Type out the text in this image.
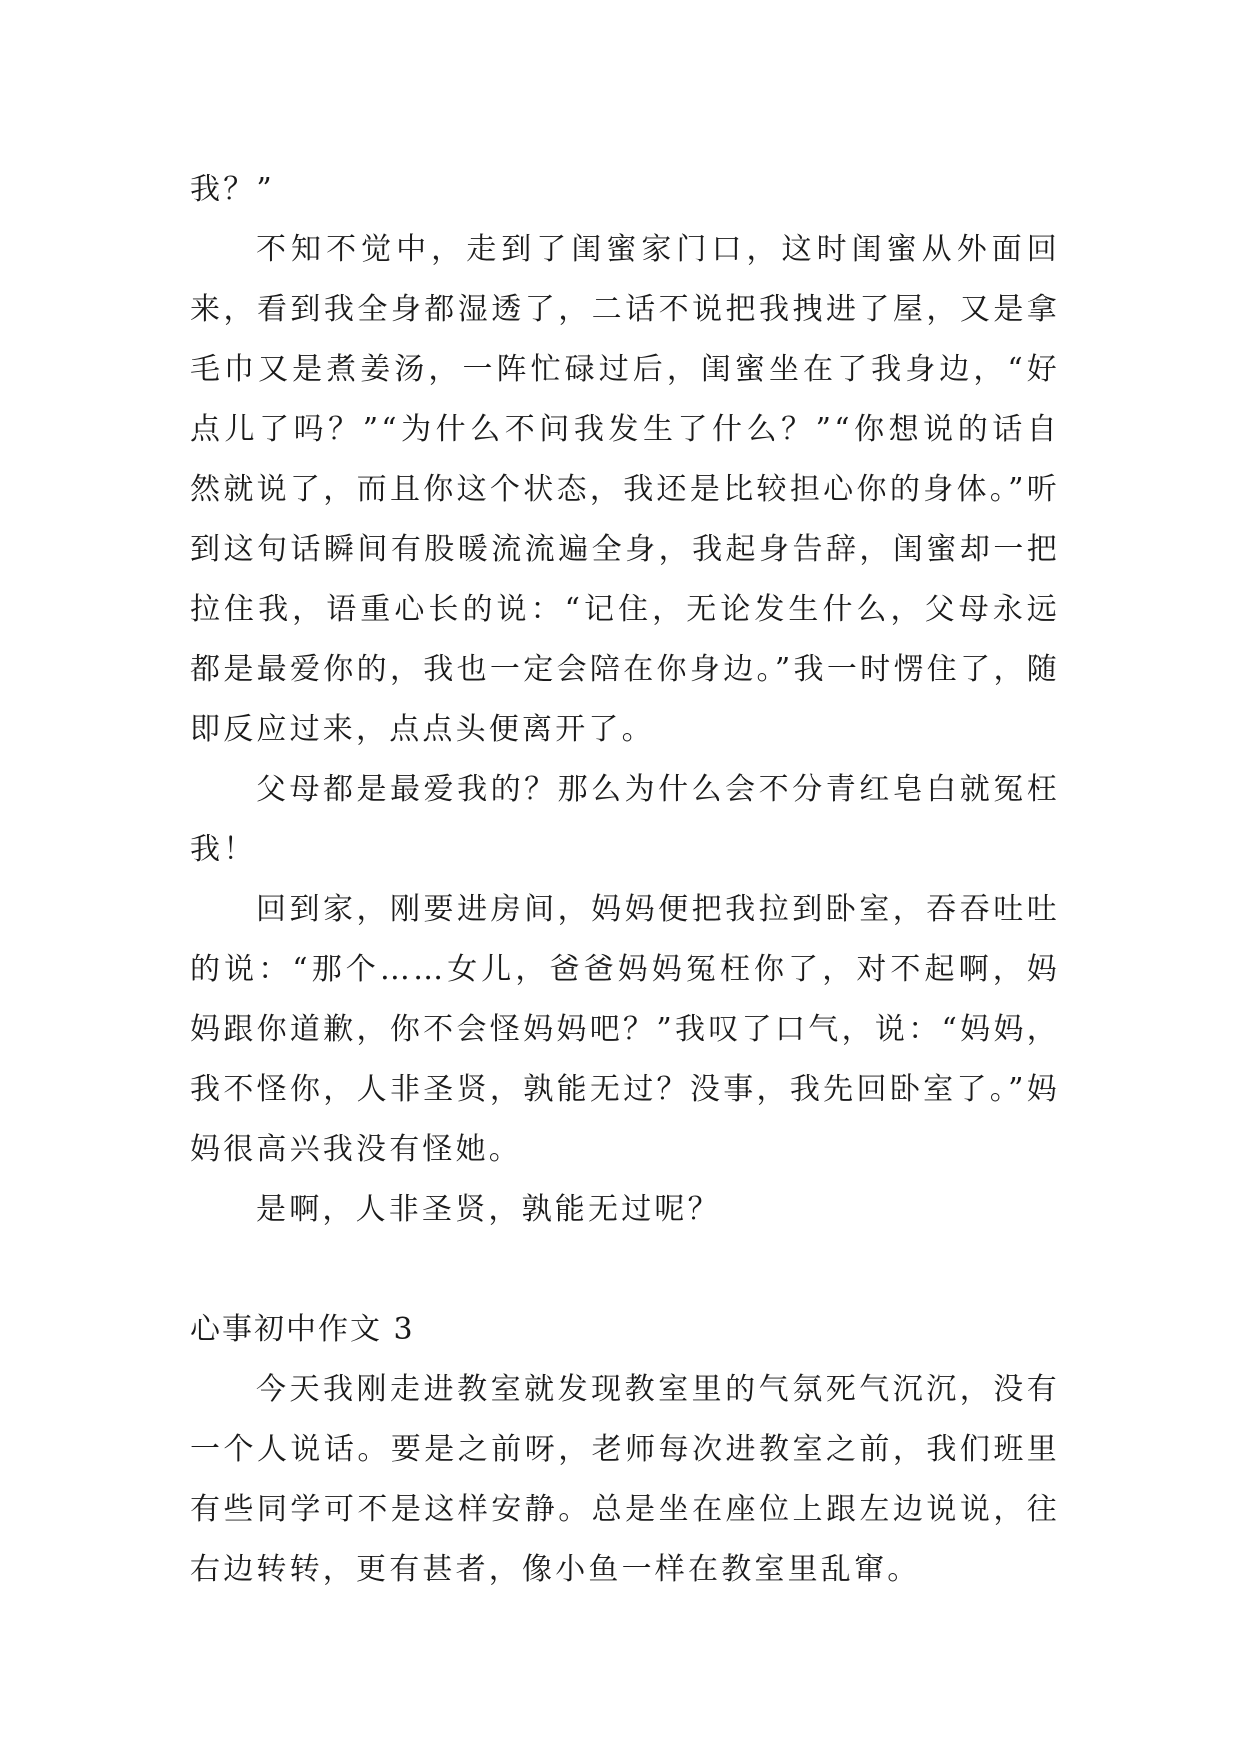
我？”

不知不觉中，走到了闺蜜家门口，这时闺蜜从外面回来，看到我全身都湿透了，二话不说把我拽进了屋，又是拿毛巾又是煮姜汤，一阵忙碌过后，闺蜜坐在了我身边，“好点儿了吗？”“为什么不问我发生了什么？”“你想说的话自然就说了，而且你这个状态，我还是比较担心你的身体。”听到这句话瞬间有股暖流流遍全身，我起身告辞，闺蜜却一把拉住我，语重心长的说：“记住，无论发生什么，父母永远都是最爱你的，我也一定会陪在你身边。”我一时愣住了，随即反应过来，点点头便离开了。

父母都是最爱我的？那么为什么会不分青红皂白就冤枉我！

回到家，刚要进房间，妈妈便把我拉到卧室，吞吞吐吐的说：“那个……女儿，爸爸妈妈冤枉你了，对不起啊，妈妈跟你道歉，你不会怪妈妈吧？”我叹了口气，说：“妈妈，我不怪你，人非圣贤，孰能无过？没事，我先回卧室了。”妈妈很高兴我没有怪她。

是啊，人非圣贤，孰能无过呢？

心事初中作文 3

今天我刚走进教室就发现教室里的气氛死气沉沉，没有一个人说话。要是之前呀，老师每次进教室之前，我们班里有些同学可不是这样安静。总是坐在座位上跟左边说说，往右边转转，更有甚者，像小鱼一样在教室里乱窜。
